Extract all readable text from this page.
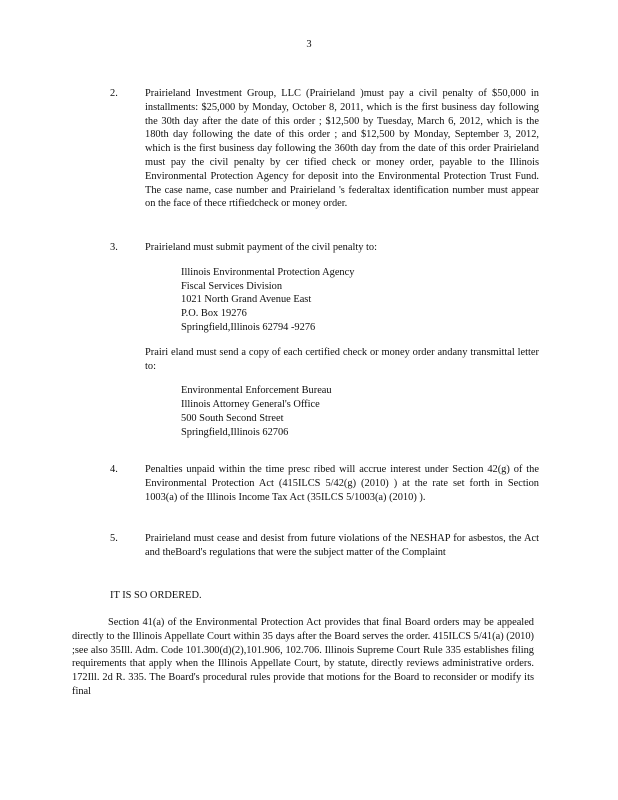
3
2.	Prairieland Investment Group, LLC (Prairieland )must pay a civil penalty of $50,000 in installments: $25,000 by Monday, October 8, 2011, which is the first business day following the 30th day after the date of this order ; $12,500 by Tuesday, March 6, 2012, which is the 180th day following the date of this order ; and $12,500 by Monday, September 3, 2012, which is the first business day following the 360th day from the date of this order Prairieland must pay the civil penalty by cer tified check or money order, payable to the Illinois Environmental Protection Agency for deposit into the Environmental Protection Trust Fund. The case name, case number and Prairieland 's federaltax identification number must appear on the face of thece rtifiedcheck or money order.

3.	Prairieland must submit payment of the civil penalty to:

Illinois Environmental Protection Agency
Fiscal Services Division
1021 North Grand Avenue East
P.O. Box 19276
Springfield,Illinois 62794 -9276

Prairi eland must send a copy of each certified check or money order andany transmittal letter to:

Environmental Enforcement Bureau
Illinois Attorney General's Office
500 South Second Street
Springfield,Illinois 62706
4.	Penalties unpaid within the time presc ribed will accrue interest under Section 42(g) of the Environmental Protection Act (415ILCS 5/42(g) (2010) ) at the rate set forth in Section 1003(a) of the Illinois Income Tax Act (35ILCS 5/1003(a) (2010) ).

5.	Prairieland must cease and desist from future violations of the NESHAP for asbestos, the Act and theBoard's regulations that were the subject matter of the Complaint

IT IS SO ORDERED.

Section 41(a) of the Environmental Protection Act provides that final Board orders may be appealed directly to the Illinois Appellate Court within 35 days after the Board serves the order. 415ILCS 5/41(a) (2010) ;see also 35Ill. Adm. Code 101.300(d)(2),101.906, 102.706. Illinois Supreme Court Rule 335 establishes filing requirements that apply when the Illinois Appellate Court, by statute, directly reviews administrative orders. 172Ill. 2d R. 335. The Board's procedural rules provide that motions for the Board to reconsider or modify its final
